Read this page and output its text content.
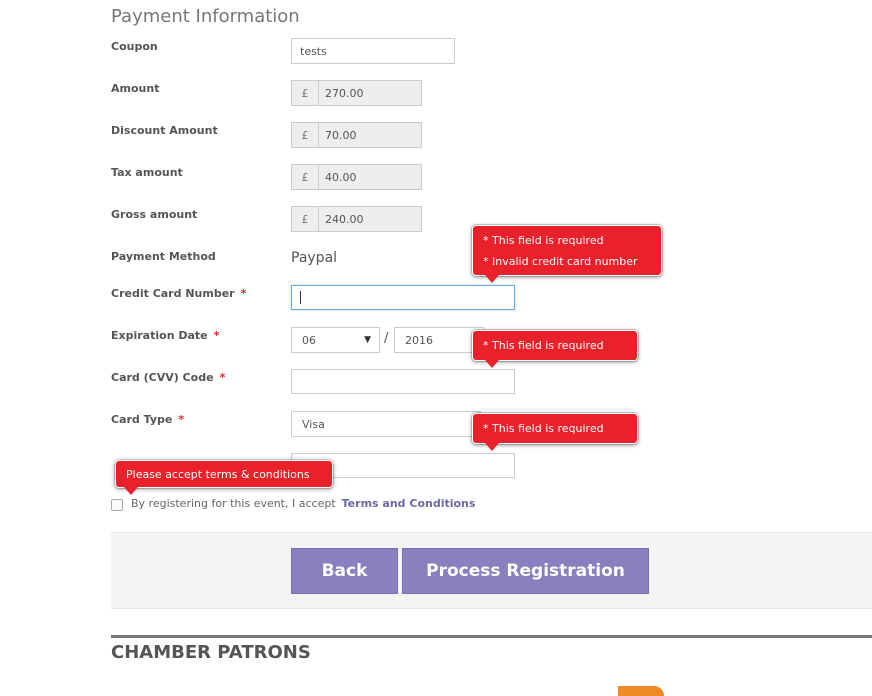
Payment Information
Coupon	tests
Amount	£	270.00
Discount Amount	£	70.00
Tax amount	£	40.00
Gross amount	£	240.00
Payment Method	Paypal
Credit Card Number *
Expiration Date *	06	▼ / 2016
Card (CVV) Code *
Card Type *	Visa
By registering for this event, I accept Terms and Conditions
* This field is required
* Invalid credit card number
* This field is required
* This field is required
Please accept terms & conditions
Back	Process Registration
CHAMBER PATRONS
